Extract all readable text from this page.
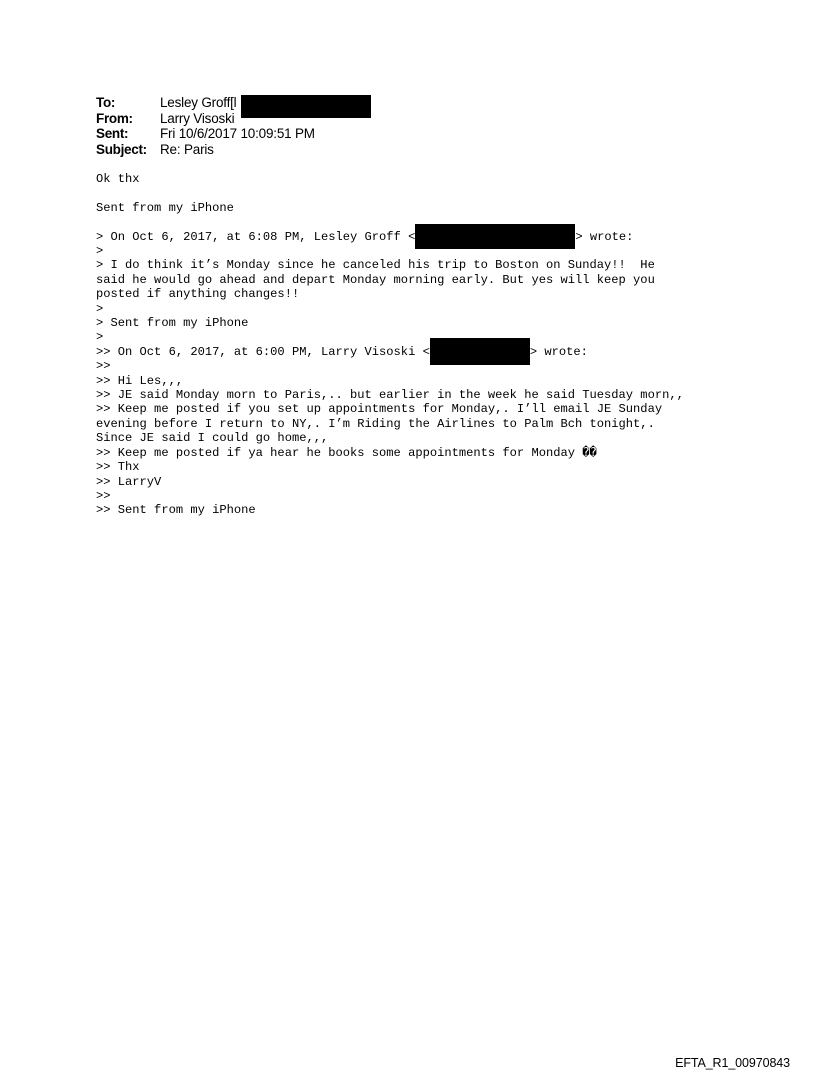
To:	Lesley Groff[l
From:	Larry Visoski
Sent:	Fri 10/6/2017 10:09:51 PM
Subject: Re: Paris
Ok thx
Sent from my iPhone
> On Oct 6, 2017, at 6:08 PM, Lesley Groff <	> wrote:
>
> I do think it’s Monday since he canceled his trip to Boston on Sunday!!  He
said he would go ahead and depart Monday morning early. But yes will keep you
posted if anything changes!!
>
> Sent from my iPhone
>
>> On Oct 6, 2017, at 6:00 PM, Larry Visoski <	> wrote:
>>
>> Hi Les,,,
>> JE said Monday morn to Paris,.. but earlier in the week he said Tuesday morn,,
>> Keep me posted if you set up appointments for Monday,. I’ll email JE Sunday
evening before I return to NY,. I’m Riding the Airlines to Palm Bch tonight,.
Since JE said I could go home,,,
>> Keep me posted if ya hear he books some appointments for Monday ��
>> Thx
>> LarryV
>>
>> Sent from my iPhone
EFTA_R1_00970843
